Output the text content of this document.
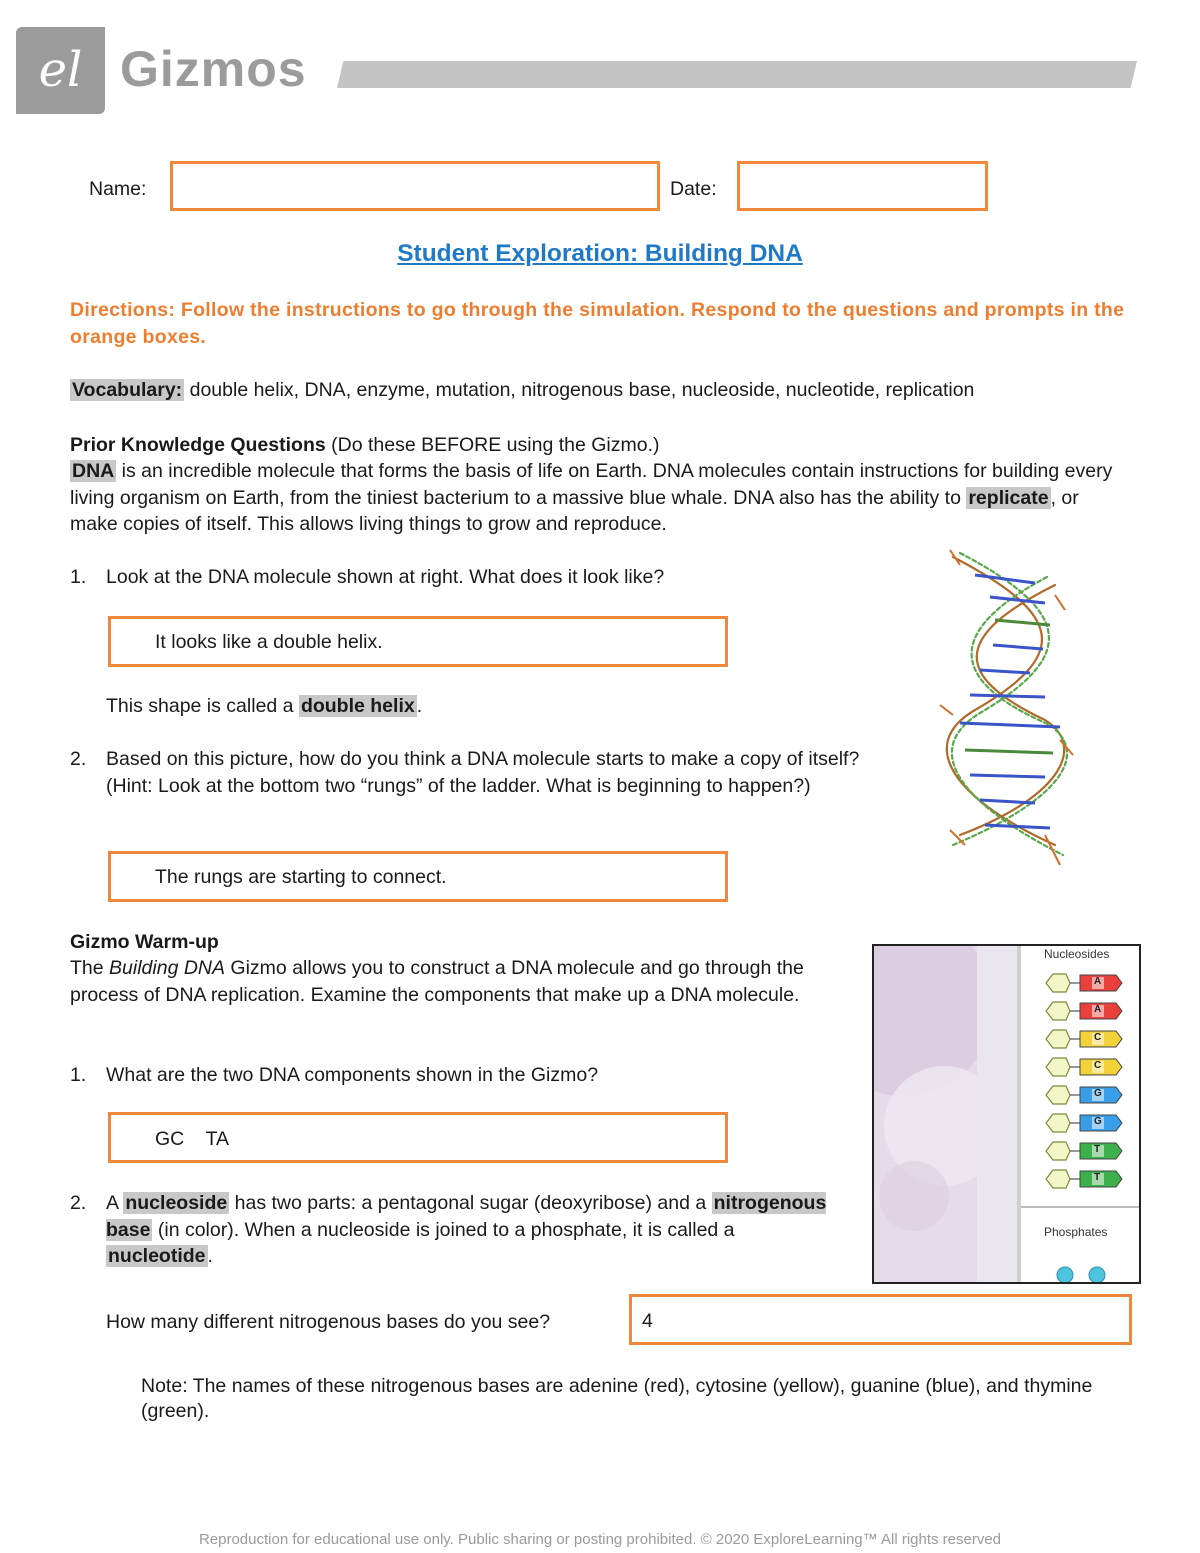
el Gizmos
Name:	Date:
Student Exploration: Building DNA
Directions: Follow the instructions to go through the simulation. Respond to the questions and prompts in the orange boxes.
Vocabulary: double helix, DNA, enzyme, mutation, nitrogenous base, nucleoside, nucleotide, replication
Prior Knowledge Questions (Do these BEFORE using the Gizmo.)
DNA is an incredible molecule that forms the basis of life on Earth. DNA molecules contain instructions for building every living organism on Earth, from the tiniest bacterium to a massive blue whale. DNA also has the ability to replicate , or make copies of itself. This allows living things to grow and reproduce.
1. Look at the DNA molecule shown at right. What does it look like?
It looks like a double helix.
This shape is called a double helix .
2. Based on this picture, how do you think a DNA molecule starts to make a copy of itself? (Hint: Look at the bottom two “rungs” of the ladder. What is beginning to happen?)
The rungs are starting to connect.
Gizmo Warm-up
The Building DNA Gizmo allows you to construct a DNA molecule and go through the process of DNA replication. Examine the components that make up a DNA molecule.
1. What are the two DNA components shown in the Gizmo?
GC    TA
2. A nucleoside has two parts: a pentagonal sugar (deoxyribose) and a nitrogenous base (in color). When a nucleoside is joined to a phosphate, it is called a nucleotide .
How many different nitrogenous bases do you see?	4
Note: The names of these nitrogenous bases are adenine (red), cytosine (yellow), guanine (blue), and thymine (green).
Nucleosides
Phosphates
A
A
C
C
G
G
T
T
Reproduction for educational use only. Public sharing or posting prohibited. © 2020 ExploreLearning™ All rights reserved
